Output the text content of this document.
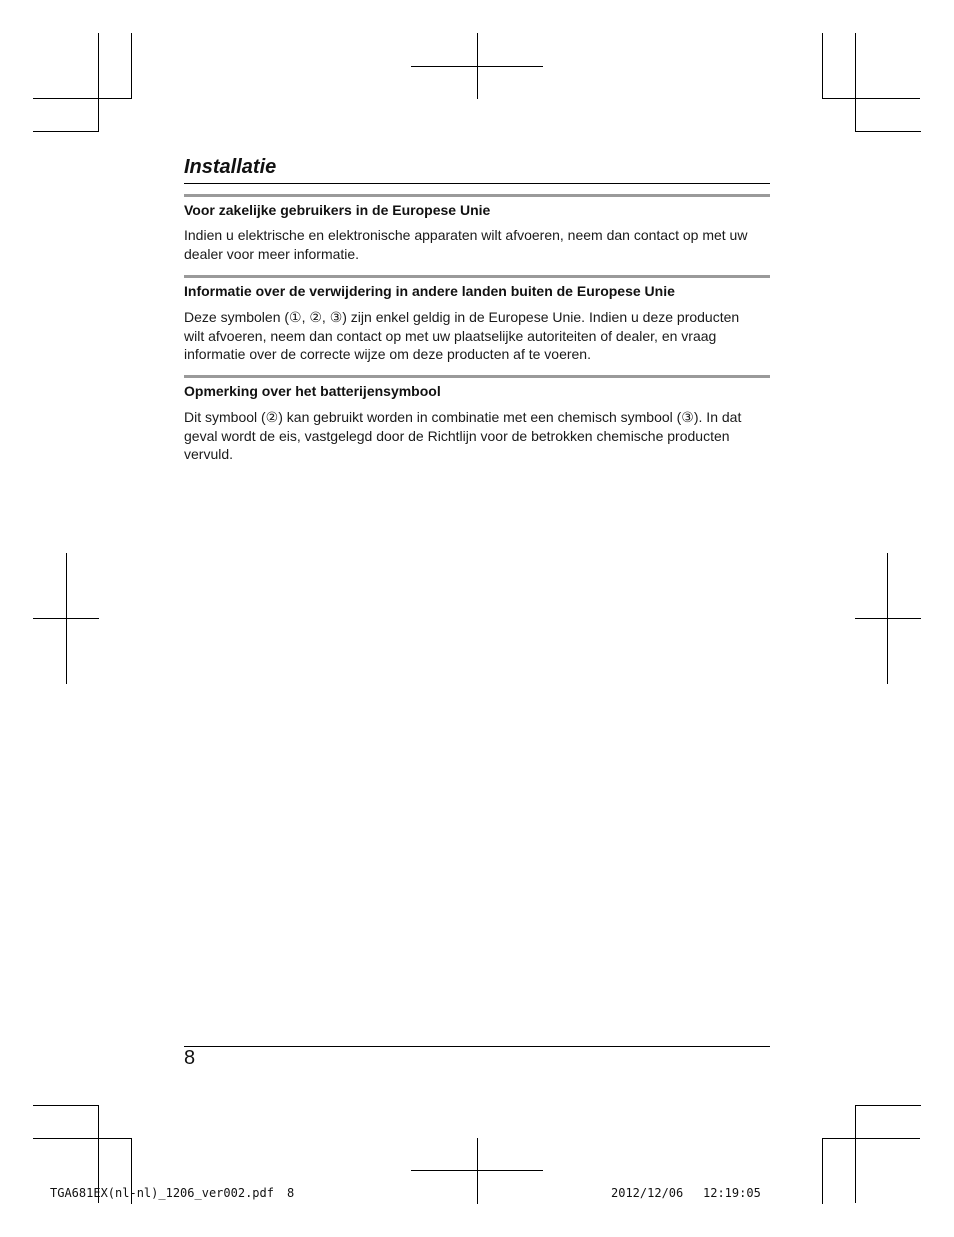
Installatie
Voor zakelijke gebruikers in de Europese Unie
Indien u elektrische en elektronische apparaten wilt afvoeren, neem dan contact op met uw
dealer voor meer informatie.
Informatie over de verwijdering in andere landen buiten de Europese Unie
Deze symbolen (①, ②, ③) zijn enkel geldig in de Europese Unie. Indien u deze producten
wilt afvoeren, neem dan contact op met uw plaatselijke autoriteiten of dealer, en vraag
informatie over de correcte wijze om deze producten af te voeren.
Opmerking over het batterijensymbool
Dit symbool (②) kan gebruikt worden in combinatie met een chemisch symbool (③). In dat
geval wordt de eis, vastgelegd door de Richtlijn voor de betrokken chemische producten
vervuld.
8
TGA681EX(nl-nl)_1206_ver002.pdf 8	2012/12/06 12:19:05
